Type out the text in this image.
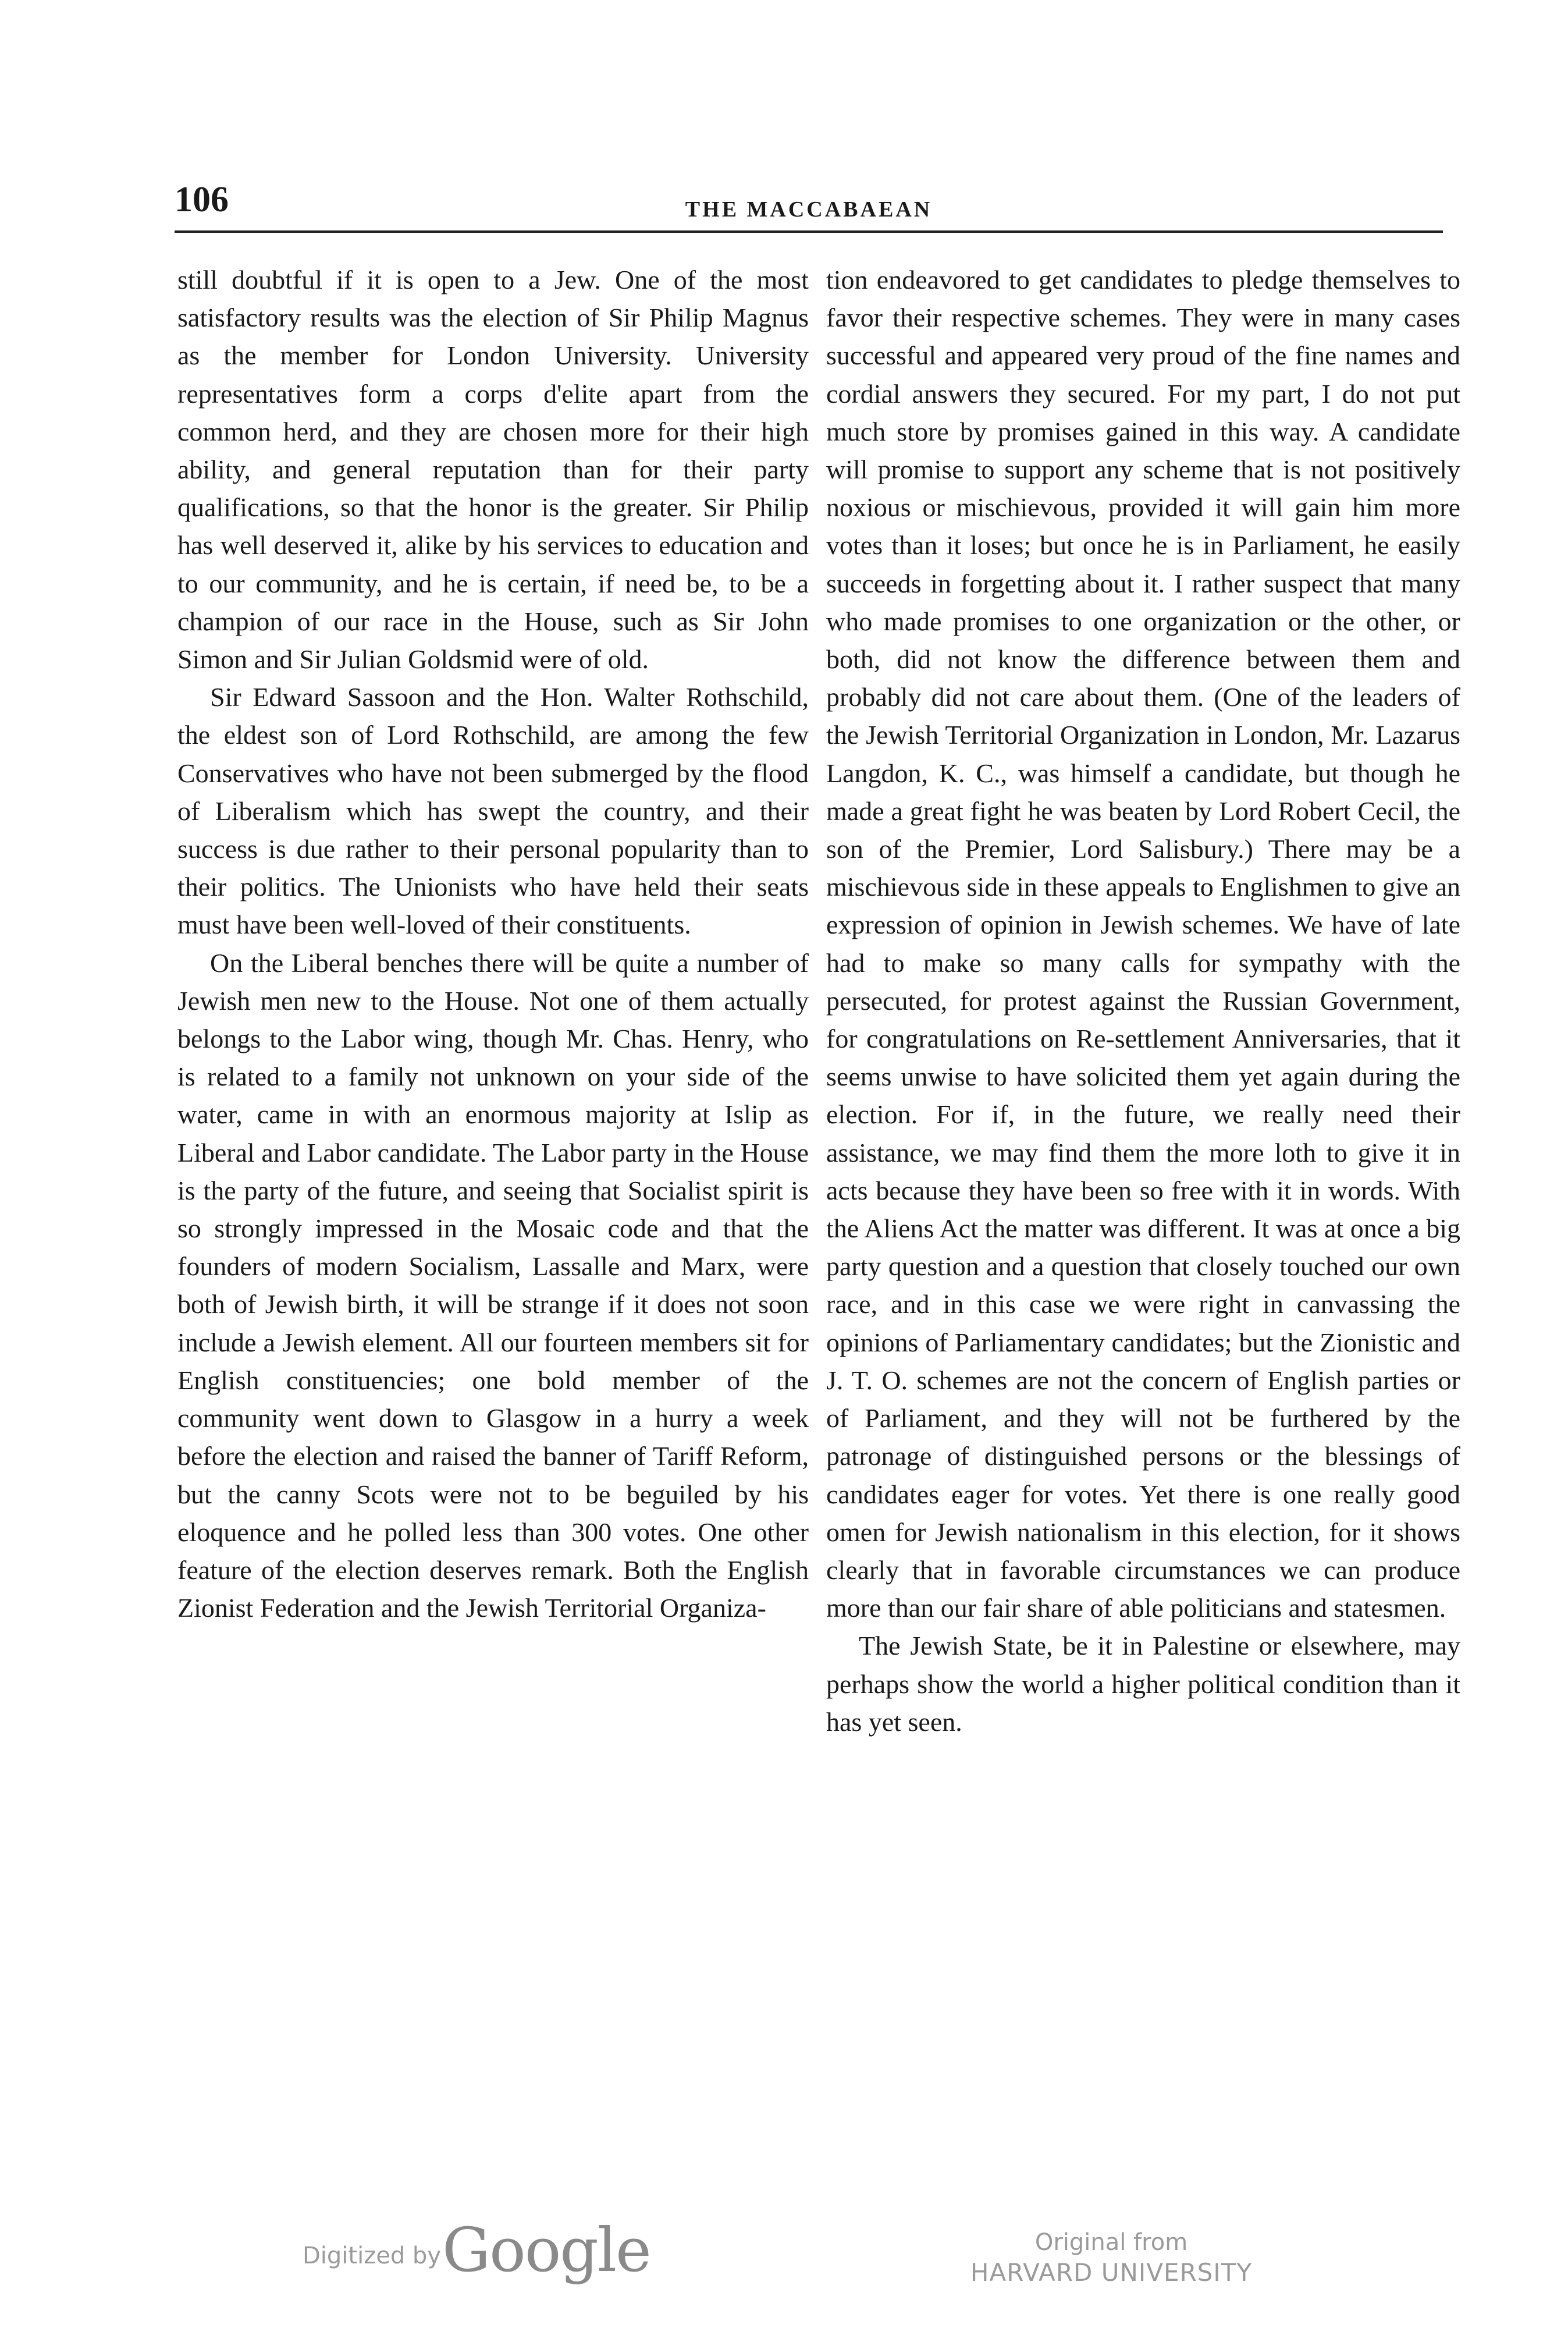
106	THE MACCABAEAN

still doubtful if it is open to a Jew. One of the most satisfactory results was the election of Sir Philip Magnus as the member for London University. University representatives form a corps d'elite apart from the common herd, and they are chosen more for their high ability, and general reputation than for their party qualifications, so that the honor is the greater. Sir Philip has well deserved it, alike by his services to education and to our community, and he is certain, if need be, to be a champion of our race in the House, such as Sir John Simon and Sir Julian Goldsmid were of old.

Sir Edward Sassoon and the Hon. Walter Rothschild, the eldest son of Lord Rothschild, are among the few Conservatives who have not been submerged by the flood of Liberalism which has swept the country, and their success is due rather to their personal popularity than to their politics. The Unionists who have held their seats must have been well-loved of their constituents.

On the Liberal benches there will be quite a number of Jewish men new to the House. Not one of them actually belongs to the Labor wing, though Mr. Chas. Henry, who is related to a family not unknown on your side of the water, came in with an enormous majority at Islip as Liberal and Labor candidate. The Labor party in the House is the party of the future, and seeing that Socialist spirit is so strongly impressed in the Mosaic code and that the founders of modern Socialism, Lassalle and Marx, were both of Jewish birth, it will be strange if it does not soon include a Jewish element. All our fourteen members sit for English constituencies; one bold member of the community went down to Glasgow in a hurry a week before the election and raised the banner of Tariff Reform, but the canny Scots were not to be beguiled by his eloquence and he polled less than 300 votes. One other feature of the election deserves remark. Both the English Zionist Federation and the Jewish Territorial Organiza-

tion endeavored to get candidates to pledge themselves to favor their respective schemes. They were in many cases successful and appeared very proud of the fine names and cordial answers they secured. For my part, I do not put much store by promises gained in this way. A candidate will promise to support any scheme that is not positively noxious or mischievous, provided it will gain him more votes than it loses; but once he is in Parliament, he easily succeeds in forgetting about it. I rather suspect that many who made promises to one organization or the other, or both, did not know the difference between them and probably did not care about them. (One of the leaders of the Jewish Territorial Organization in London, Mr. Lazarus Langdon, K. C., was himself a candidate, but though he made a great fight he was beaten by Lord Robert Cecil, the son of the Premier, Lord Salisbury.) There may be a mischievous side in these appeals to Englishmen to give an expression of opinion in Jewish schemes. We have of late had to make so many calls for sympathy with the persecuted, for protest against the Russian Government, for congratulations on Re-settlement Anniversaries, that it seems unwise to have solicited them yet again during the election. For if, in the future, we really need their assistance, we may find them the more loth to give it in acts because they have been so free with it in words. With the Aliens Act the matter was different. It was at once a big party question and a question that closely touched our own race, and in this case we were right in canvassing the opinions of Parliamentary candidates; but the Zionistic and J. T. O. schemes are not the concern of English parties or of Parliament, and they will not be furthered by the patronage of distinguished persons or the blessings of candidates eager for votes. Yet there is one really good omen for Jewish nationalism in this election, for it shows clearly that in favorable circumstances we can produce more than our fair share of able politicians and statesmen.

The Jewish State, be it in Palestine or elsewhere, may perhaps show the world a higher political condition than it has yet seen.

Digitized by Google	Original from
HARVARD UNIVERSITY
